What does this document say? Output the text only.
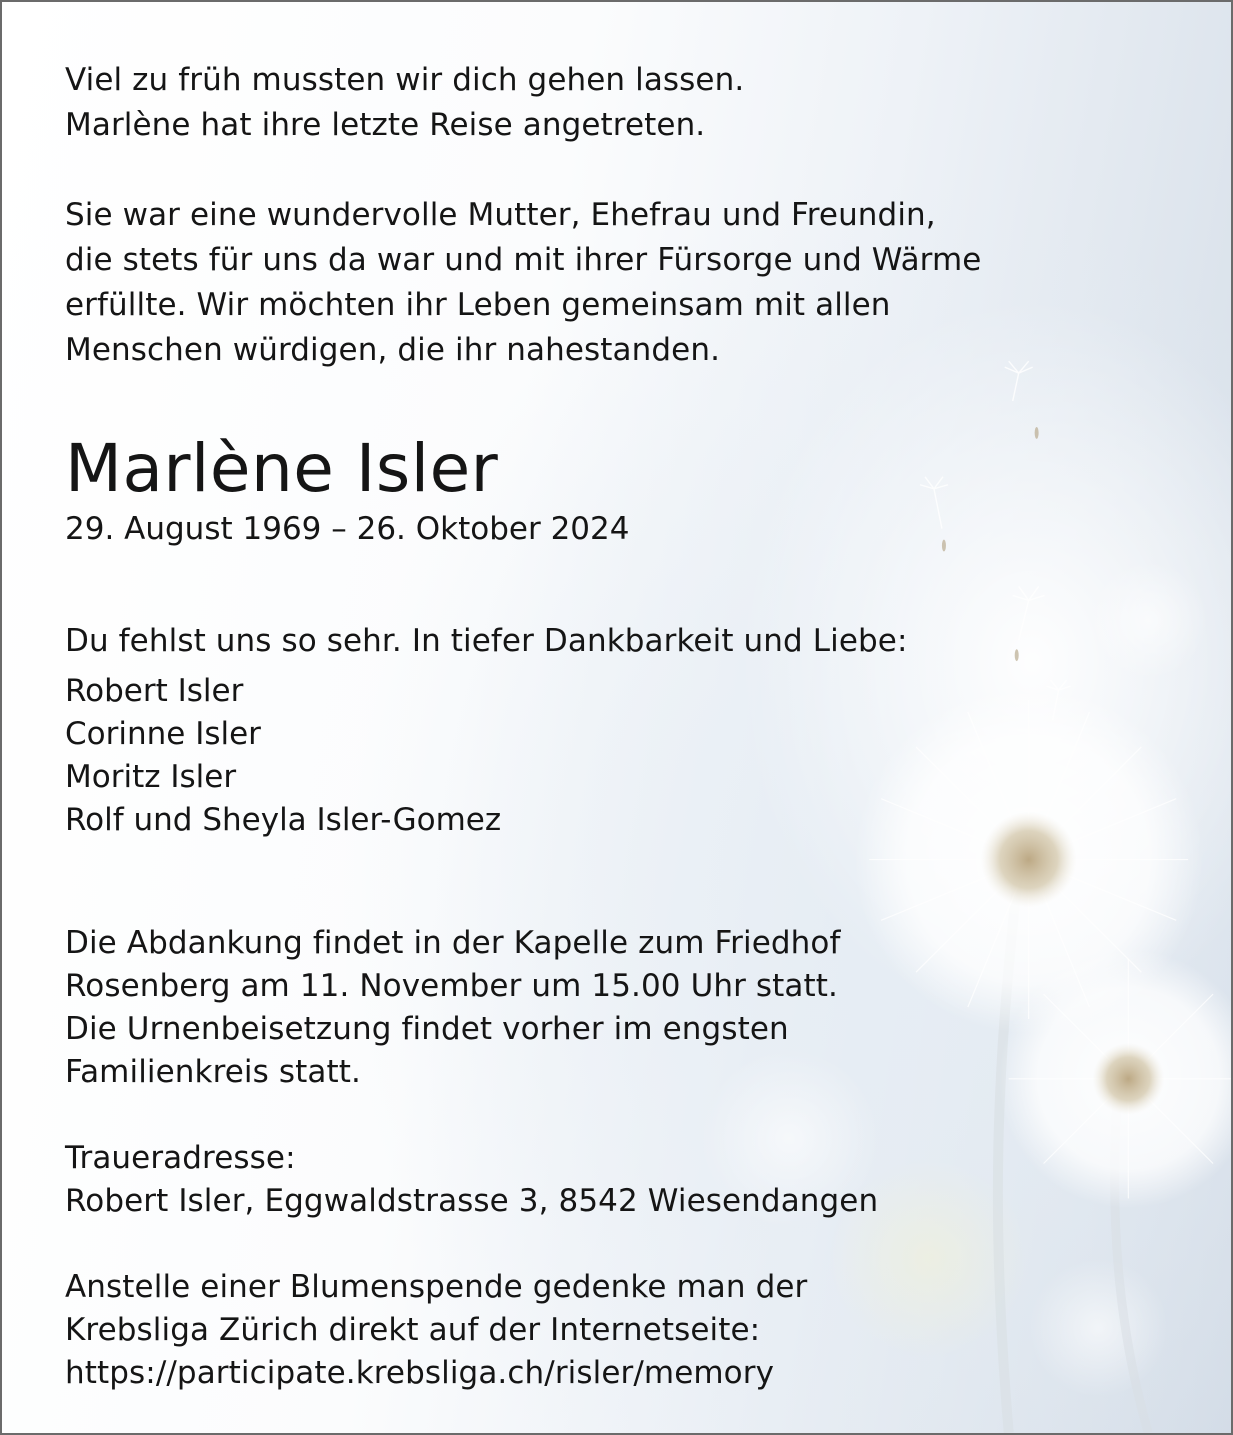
Viel zu früh mussten wir dich gehen lassen.
Marlène hat ihre letzte Reise angetreten.

Sie war eine wundervolle Mutter, Ehefrau und Freundin,
die stets für uns da war und mit ihrer Fürsorge und Wärme
erfüllte. Wir möchten ihr Leben gemeinsam mit allen
Menschen würdigen, die ihr nahestanden.

Marlène Isler

29. August 1969 – 26. Oktober 2024

Du fehlst uns so sehr. In tiefer Dankbarkeit und Liebe:

Robert Isler
Corinne Isler
Moritz Isler
Rolf und Sheyla Isler-Gomez

Die Abdankung findet in der Kapelle zum Friedhof
Rosenberg am 11. November um 15.00 Uhr statt.
Die Urnenbeisetzung findet vorher im engsten
Familienkreis statt.

Traueradresse:
Robert Isler, Eggwaldstrasse 3, 8542 Wiesendangen

Anstelle einer Blumenspende gedenke man der
Krebsliga Zürich direkt auf der Internetseite:
https://participate.krebsliga.ch/risler/memory
